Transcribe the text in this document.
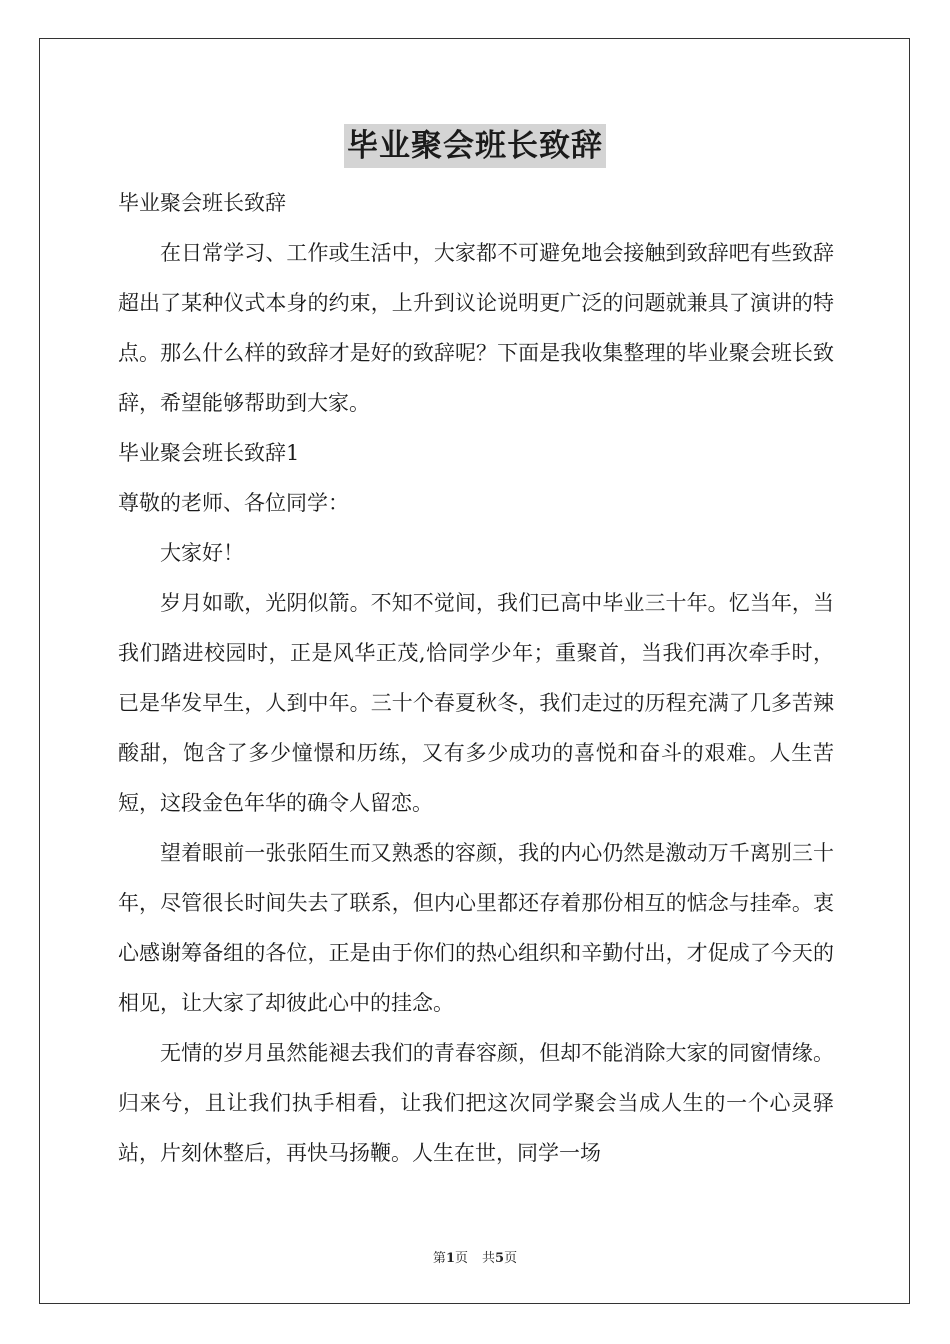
毕业聚会班长致辞

毕业聚会班长致辞

在日常学习、工作或生活中，大家都不可避免地会接触到致辞吧有些致辞超出了某种仪式本身的约束，上升到议论说明更广泛的问题就兼具了演讲的特点。那么什么样的致辞才是好的致辞呢？下面是我收集整理的毕业聚会班长致辞，希望能够帮助到大家。

毕业聚会班长致辞1

尊敬的老师、各位同学：

大家好！

岁月如歌，光阴似箭。不知不觉间，我们已高中毕业三十年。忆当年，当我们踏进校园时，正是风华正茂,恰同学少年；重聚首，当我们再次牵手时，已是华发早生，人到中年。三十个春夏秋冬，我们走过的历程充满了几多苦辣酸甜，饱含了多少憧憬和历练，又有多少成功的喜悦和奋斗的艰难。人生苦短，这段金色年华的确令人留恋。

望着眼前一张张陌生而又熟悉的容颜，我的内心仍然是激动万千离别三十年，尽管很长时间失去了联系，但内心里都还存着那份相互的惦念与挂牵。衷心感谢筹备组的各位，正是由于你们的热心组织和辛勤付出，才促成了今天的相见，让大家了却彼此心中的挂念。

无情的岁月虽然能褪去我们的青春容颜，但却不能消除大家的同窗情缘。归来兮，且让我们执手相看，让我们把这次同学聚会当成人生的一个心灵驿站，片刻休整后，再快马扬鞭。人生在世，同学一场

第1页 共5页
